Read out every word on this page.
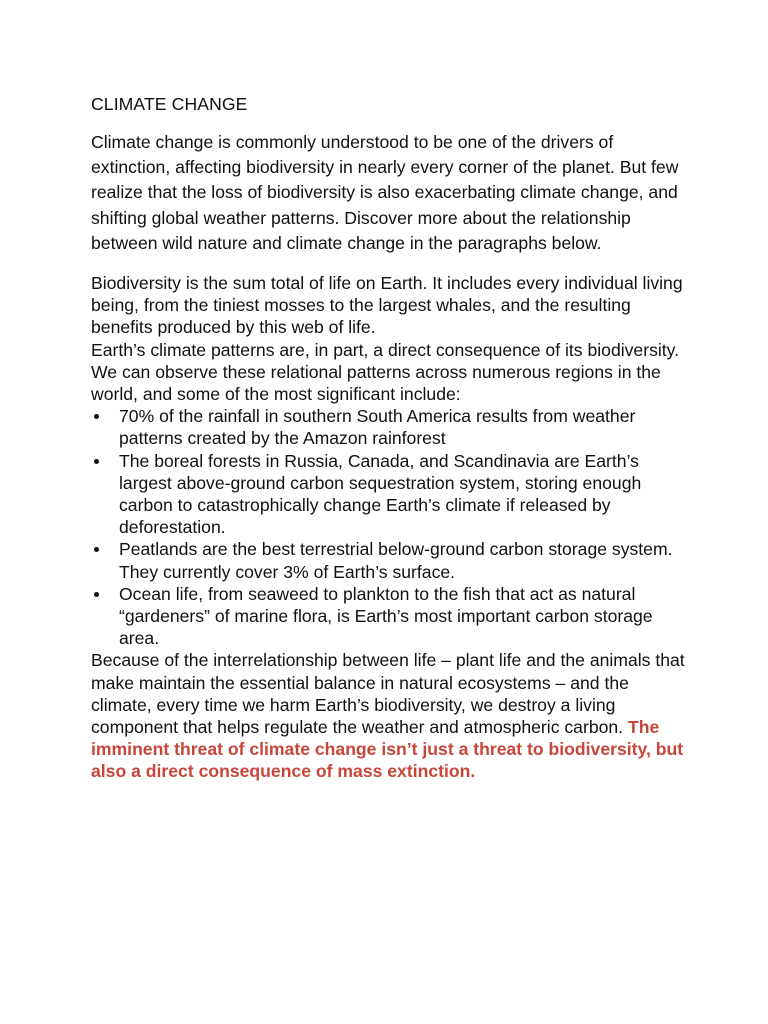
CLIMATE CHANGE

Climate change is commonly understood to be one of the drivers of extinction, affecting biodiversity in nearly every corner of the planet. But few realize that the loss of biodiversity is also exacerbating climate change, and shifting global weather patterns. Discover more about the relationship between wild nature and climate change in the paragraphs below.

Biodiversity is the sum total of life on Earth. It includes every individual living being, from the tiniest mosses to the largest whales, and the resulting benefits produced by this web of life.

Earth’s climate patterns are, in part, a direct consequence of its biodiversity. We can observe these relational patterns across numerous regions in the world, and some of the most significant include:

70% of the rainfall in southern South America results from weather patterns created by the Amazon rainforest
The boreal forests in Russia, Canada, and Scandinavia are Earth’s largest above-ground carbon sequestration system, storing enough carbon to catastrophically change Earth’s climate if released by deforestation.
Peatlands are the best terrestrial below-ground carbon storage system. They currently cover 3% of Earth’s surface.
Ocean life, from seaweed to plankton to the fish that act as natural “gardeners” of marine flora, is Earth’s most important carbon storage area.

Because of the interrelationship between life – plant life and the animals that make maintain the essential balance in natural ecosystems – and the climate, every time we harm Earth’s biodiversity, we destroy a living component that helps regulate the weather and atmospheric carbon. The imminent threat of climate change isn’t just a threat to biodiversity, but also a direct consequence of mass extinction.
